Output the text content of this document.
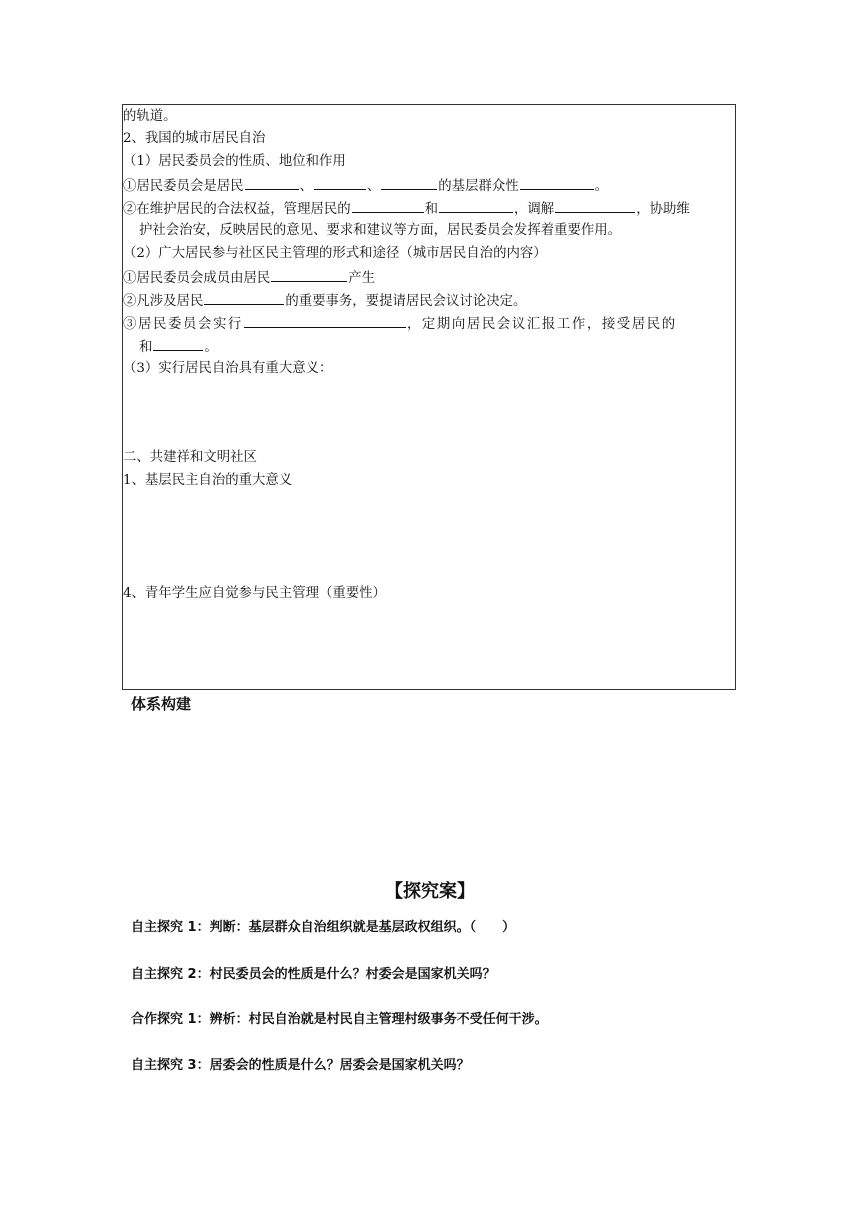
的轨道。
2、我国的城市居民自治
（1）居民委员会的性质、地位和作用
①居民委员会是居民	、	、	的基层群众性	。
②在维护居民的合法权益，管理居民的	和	，调解	，协助维
护社会治安，反映居民的意见、要求和建议等方面，居民委员会发挥着重要作用。
（2）广大居民参与社区民主管理的形式和途径（城市居民自治的内容）
①居民委员会成员由居民	产生
②凡涉及居民	的重要事务，要提请居民会议讨论决定。
③居民委员会实行	，定期向居民会议汇报工作，接受居民的
和	。
（3）实行居民自治具有重大意义：
二、共建祥和文明社区
1、基层民主自治的重大意义
4、青年学生应自觉参与民主管理（重要性）
体系构建
【探究案】
自主探究 1：判断：基层群众自治组织就是基层政权组织。（　　）
自主探究 2：村民委员会的性质是什么？村委会是国家机关吗？
合作探究 1：辨析：村民自治就是村民自主管理村级事务不受任何干涉。
自主探究 3：居委会的性质是什么？居委会是国家机关吗？
